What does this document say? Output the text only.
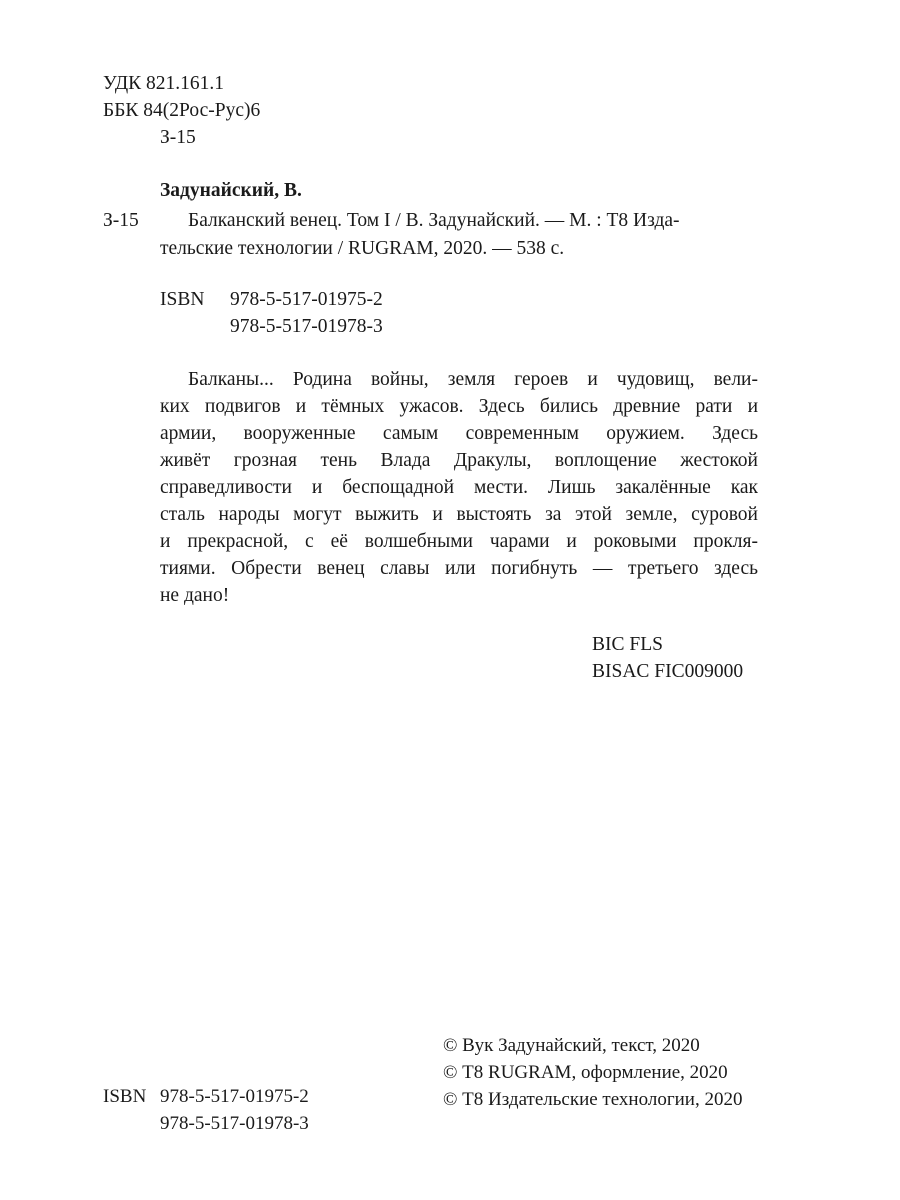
УДК 821.161.1
ББК 84(2Рос-Рус)6
З-15
Задунайский, В.
З-15	Балканский венец. Том I / В. Задунайский. — М. : Т8 Изда-
тельские технологии / RUGRAM, 2020. — 538 с.
ISBN 978-5-517-01975-2
978-5-517-01978-3
Балканы... Родина войны, земля героев и чудовищ, вели-
ких подвигов и тёмных ужасов. Здесь бились древние рати и
армии, вооруженные самым современным оружием. Здесь
живёт грозная тень Влада Дракулы, воплощение жестокой
справедливости и беспощадной мести. Лишь закалённые как
сталь народы могут выжить и выстоять за этой земле, суровой
и прекрасной, с её волшебными чарами и роковыми прокля-
тиями. Обрести венец славы или погибнуть — третьего здесь
не дано!
BIC FLS
BISAC FIC009000
© Вук Задунайский, текст, 2020
© Т8 RUGRAM, оформление, 2020
© Т8 Издательские технологии, 2020
ISBN 978-5-517-01975-2
978-5-517-01978-3
